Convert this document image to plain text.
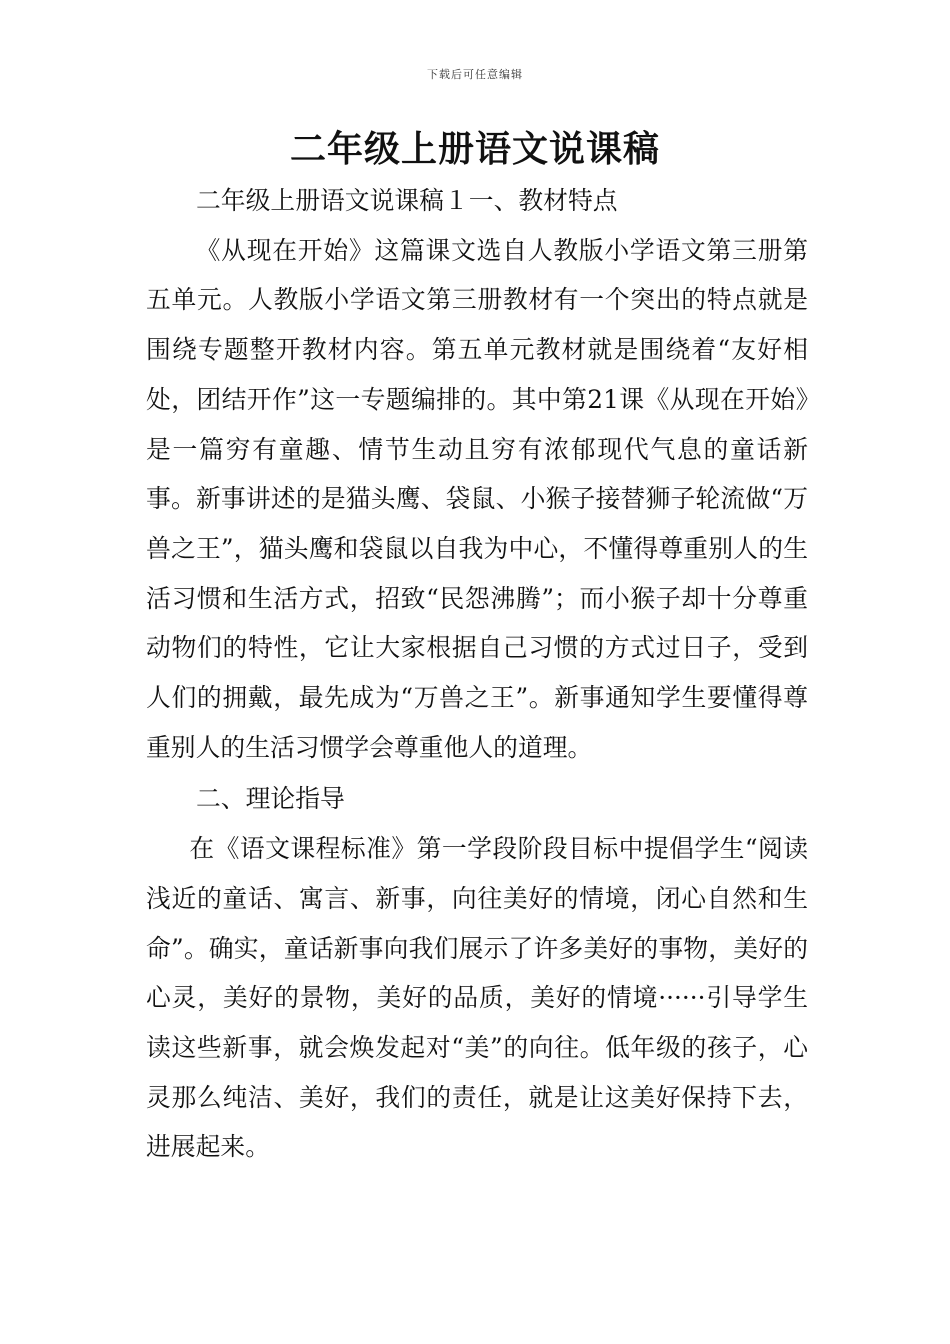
下载后可任意编辑
二年级上册语文说课稿

二年级上册语文说课稿１一、教材特点

《从现在开始》这篇课文选自人教版小学语文第三册第五单元。人教版小学语文第三册教材有一个突出的特点就是围绕专题整开教材内容。第五单元教材就是围绕着“友好相处，团结开作”这一专题编排的。其中第21课《从现在开始》是一篇穷有童趣、情节生动且穷有浓郁现代气息的童话新事。新事讲述的是猫头鹰、袋鼠、小猴子接替狮子轮流做“万兽之王”，猫头鹰和袋鼠以自我为中心，不懂得尊重别人的生活习惯和生活方式，招致“民怨沸腾”；而小猴子却十分尊重动物们的特性，它让大家根据自己习惯的方式过日子，受到人们的拥戴，最先成为“万兽之王”。新事通知学生要懂得尊重别人的生活习惯学会尊重他人的道理。

二、理论指导

在《语文课程标准》第一学段阶段目标中提倡学生“阅读浅近的童话、寓言、新事，向往美好的情境，闭心自然和生命”。确实，童话新事向我们展示了许多美好的事物，美好的心灵，美好的景物，美好的品质，美好的情境······引导学生读这些新事，就会焕发起对“美”的向往。低年级的孩子，心灵那么纯洁、美好，我们的责任，就是让这美好保持下去，进展起来。
